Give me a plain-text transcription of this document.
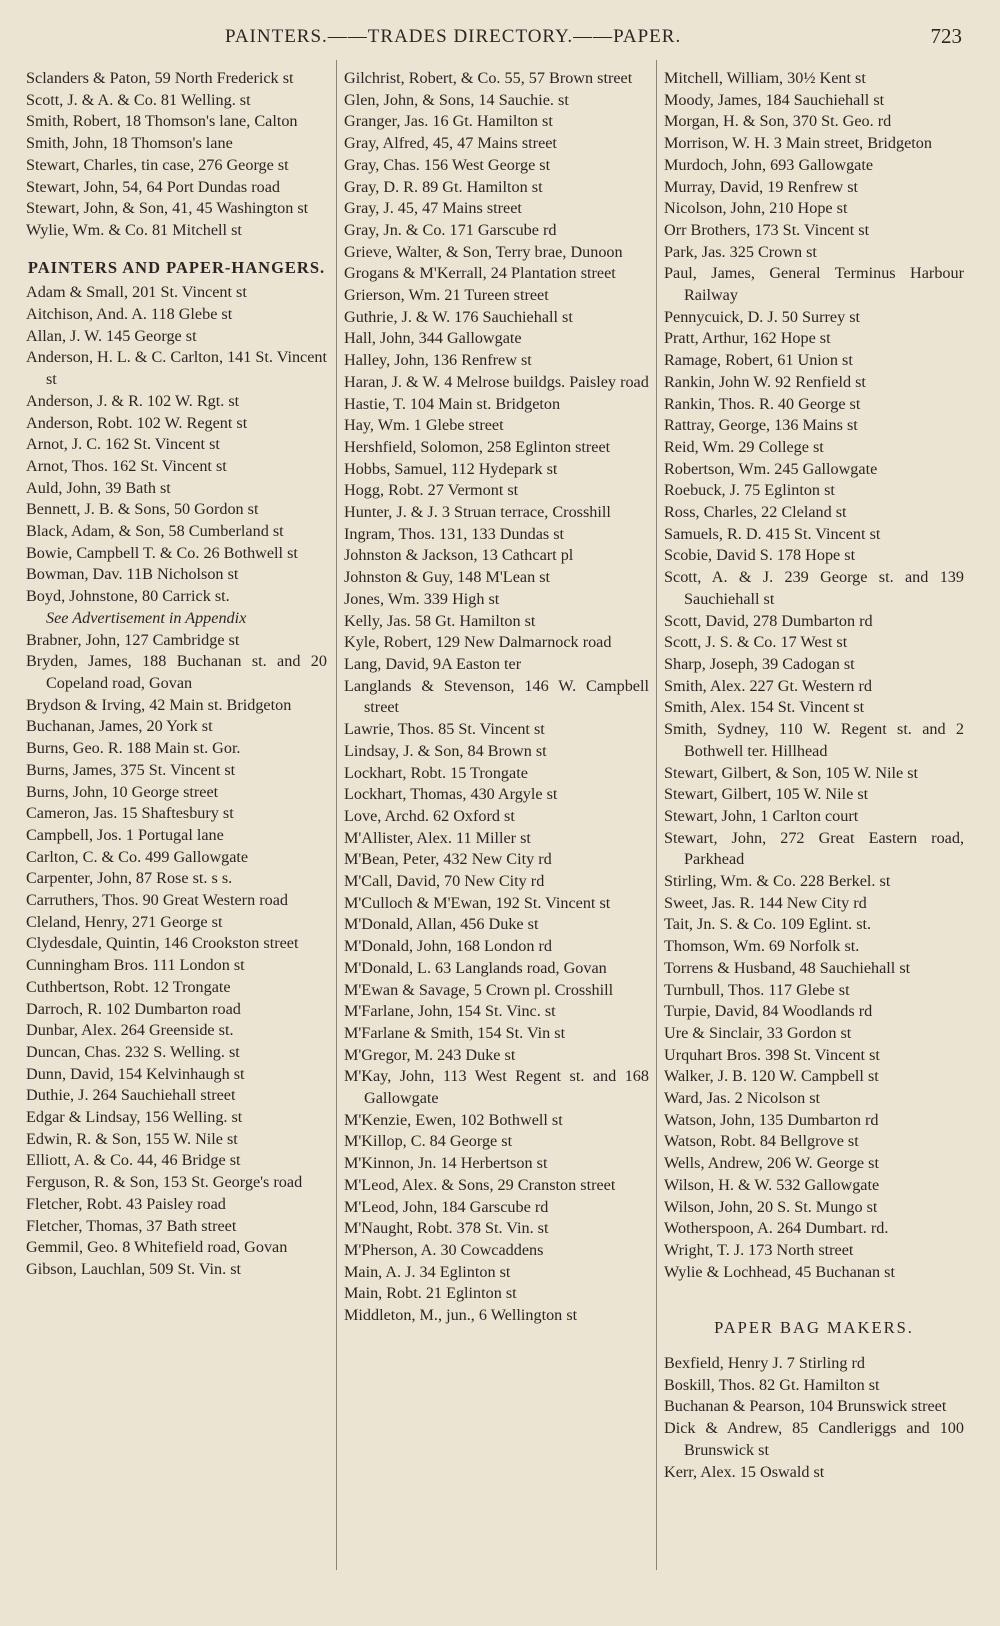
PAINTERS.——TRADES DIRECTORY.——PAPER.	723
Sclanders & Paton, 59 North Frederick st
Scott, J. & A. & Co. 81 Welling. st
Smith, Robert, 18 Thomson's lane, Calton
Smith, John, 18 Thomson's lane
Stewart, Charles, tin case, 276 George st
Stewart, John, 54, 64 Port Dundas road
Stewart, John, & Son, 41, 45 Washington st
Wylie, Wm. & Co. 81 Mitchell st
PAINTERS AND PAPER-HANGERS.
Adam & Small, 201 St. Vincent st
Aitchison, And. A. 118 Glebe st
Allan, J. W. 145 George st
Anderson, H. L. & C. Carlton, 141 St. Vincent st
Anderson, J. & R. 102 W. Rgt. st
Anderson, Robt. 102 W. Regent st
Arnot, J. C. 162 St. Vincent st
Arnot, Thos. 162 St. Vincent st
Auld, John, 39 Bath st
Bennett, J. B. & Sons, 50 Gordon st
Black, Adam, & Son, 58 Cumberland st
Bowie, Campbell T. & Co. 26 Bothwell st
Bowman, Dav. 11B Nicholson st
Boyd, Johnstone, 80 Carrick st.
See Advertisement in Appendix
Brabner, John, 127 Cambridge st
Bryden, James, 188 Buchanan st. and 20 Copeland road, Govan
Brydson & Irving, 42 Main st. Bridgeton
Buchanan, James, 20 York st
Burns, Geo. R. 188 Main st. Gor.
Burns, James, 375 St. Vincent st
Burns, John, 10 George street
Cameron, Jas. 15 Shaftesbury st
Campbell, Jos. 1 Portugal lane
Carlton, C. & Co. 499 Gallowgate
Carpenter, John, 87 Rose st. s s.
Carruthers, Thos. 90 Great Western road
Cleland, Henry, 271 George st
Clydesdale, Quintin, 146 Crookston street
Cunningham Bros. 111 London st
Cuthbertson, Robt. 12 Trongate
Darroch, R. 102 Dumbarton road
Dunbar, Alex. 264 Greenside st.
Duncan, Chas. 232 S. Welling. st
Dunn, David, 154 Kelvinhaugh st
Duthie, J. 264 Sauchiehall street
Edgar & Lindsay, 156 Welling. st
Edwin, R. & Son, 155 W. Nile st
Elliott, A. & Co. 44, 46 Bridge st
Ferguson, R. & Son, 153 St. George's road
Fletcher, Robt. 43 Paisley road
Fletcher, Thomas, 37 Bath street
Gemmil, Geo. 8 Whitefield road, Govan
Gibson, Lauchlan, 509 St. Vin. st
Gilchrist, Robert, & Co. 55, 57 Brown street
Glen, John, & Sons, 14 Sauchie. st
Granger, Jas. 16 Gt. Hamilton st
Gray, Alfred, 45, 47 Mains street
Gray, Chas. 156 West George st
Gray, D. R. 89 Gt. Hamilton st
Gray, J. 45, 47 Mains street
Gray, Jn. & Co. 171 Garscube rd
Grieve, Walter, & Son, Terry brae, Dunoon
Grogans & M'Kerrall, 24 Plantation street
Grierson, Wm. 21 Tureen street
Guthrie, J. & W. 176 Sauchiehall st
Hall, John, 344 Gallowgate
Halley, John, 136 Renfrew st
Haran, J. & W. 4 Melrose buildgs. Paisley road
Hastie, T. 104 Main st. Bridgeton
Hay, Wm. 1 Glebe street
Hershfield, Solomon, 258 Eglinton street
Hobbs, Samuel, 112 Hydepark st
Hogg, Robt. 27 Vermont st
Hunter, J. & J. 3 Struan terrace, Crosshill
Ingram, Thos. 131, 133 Dundas st
Johnston & Jackson, 13 Cathcart pl
Johnston & Guy, 148 M'Lean st
Jones, Wm. 339 High st
Kelly, Jas. 58 Gt. Hamilton st
Kyle, Robert, 129 New Dalmarnock road
Lang, David, 9A Easton ter
Langlands & Stevenson, 146 W. Campbell street
Lawrie, Thos. 85 St. Vincent st
Lindsay, J. & Son, 84 Brown st
Lockhart, Robt. 15 Trongate
Lockhart, Thomas, 430 Argyle st
Love, Archd. 62 Oxford st
M'Allister, Alex. 11 Miller st
M'Bean, Peter, 432 New City rd
M'Call, David, 70 New City rd
M'Culloch & M'Ewan, 192 St. Vincent st
M'Donald, Allan, 456 Duke st
M'Donald, John, 168 London rd
M'Donald, L. 63 Langlands road, Govan
M'Ewan & Savage, 5 Crown pl. Crosshill
M'Farlane, John, 154 St. Vinc. st
M'Farlane & Smith, 154 St. Vin st
M'Gregor, M. 243 Duke st
M'Kay, John, 113 West Regent st. and 168 Gallowgate
M'Kenzie, Ewen, 102 Bothwell st
M'Killop, C. 84 George st
M'Kinnon, Jn. 14 Herbertson st
M'Leod, Alex. & Sons, 29 Cranston street
M'Leod, John, 184 Garscube rd
M'Naught, Robt. 378 St. Vin. st
M'Pherson, A. 30 Cowcaddens
Main, A. J. 34 Eglinton st
Main, Robt. 21 Eglinton st
Middleton, M., jun., 6 Wellington st
Mitchell, William, 30½ Kent st
Moody, James, 184 Sauchiehall st
Morgan, H. & Son, 370 St. Geo. rd
Morrison, W. H. 3 Main street, Bridgeton
Murdoch, John, 693 Gallowgate
Murray, David, 19 Renfrew st
Nicolson, John, 210 Hope st
Orr Brothers, 173 St. Vincent st
Park, Jas. 325 Crown st
Paul, James, General Terminus Harbour Railway
Pennycuick, D. J. 50 Surrey st
Pratt, Arthur, 162 Hope st
Ramage, Robert, 61 Union st
Rankin, John W. 92 Renfield st
Rankin, Thos. R. 40 George st
Rattray, George, 136 Mains st
Reid, Wm. 29 College st
Robertson, Wm. 245 Gallowgate
Roebuck, J. 75 Eglinton st
Ross, Charles, 22 Cleland st
Samuels, R. D. 415 St. Vincent st
Scobie, David S. 178 Hope st
Scott, A. & J. 239 George st. and 139 Sauchiehall st
Scott, David, 278 Dumbarton rd
Scott, J. S. & Co. 17 West st
Sharp, Joseph, 39 Cadogan st
Smith, Alex. 227 Gt. Western rd
Smith, Alex. 154 St. Vincent st
Smith, Sydney, 110 W. Regent st. and 2 Bothwell ter. Hillhead
Stewart, Gilbert, & Son, 105 W. Nile st
Stewart, Gilbert, 105 W. Nile st
Stewart, John, 1 Carlton court
Stewart, John, 272 Great Eastern road, Parkhead
Stirling, Wm. & Co. 228 Berkel. st
Sweet, Jas. R. 144 New City rd
Tait, Jn. S. & Co. 109 Eglint. st.
Thomson, Wm. 69 Norfolk st.
Torrens & Husband, 48 Sauchiehall st
Turnbull, Thos. 117 Glebe st
Turpie, David, 84 Woodlands rd
Ure & Sinclair, 33 Gordon st
Urquhart Bros. 398 St. Vincent st
Walker, J. B. 120 W. Campbell st
Ward, Jas. 2 Nicolson st
Watson, John, 135 Dumbarton rd
Watson, Robt. 84 Bellgrove st
Wells, Andrew, 206 W. George st
Wilson, H. & W. 532 Gallowgate
Wilson, John, 20 S. St. Mungo st
Wotherspoon, A. 264 Dumbart. rd.
Wright, T. J. 173 North street
Wylie & Lochhead, 45 Buchanan st
PAPER BAG MAKERS.
Bexfield, Henry J. 7 Stirling rd
Boskill, Thos. 82 Gt. Hamilton st
Buchanan & Pearson, 104 Brunswick street
Dick & Andrew, 85 Candleriggs and 100 Brunswick st
Kerr, Alex. 15 Oswald st
